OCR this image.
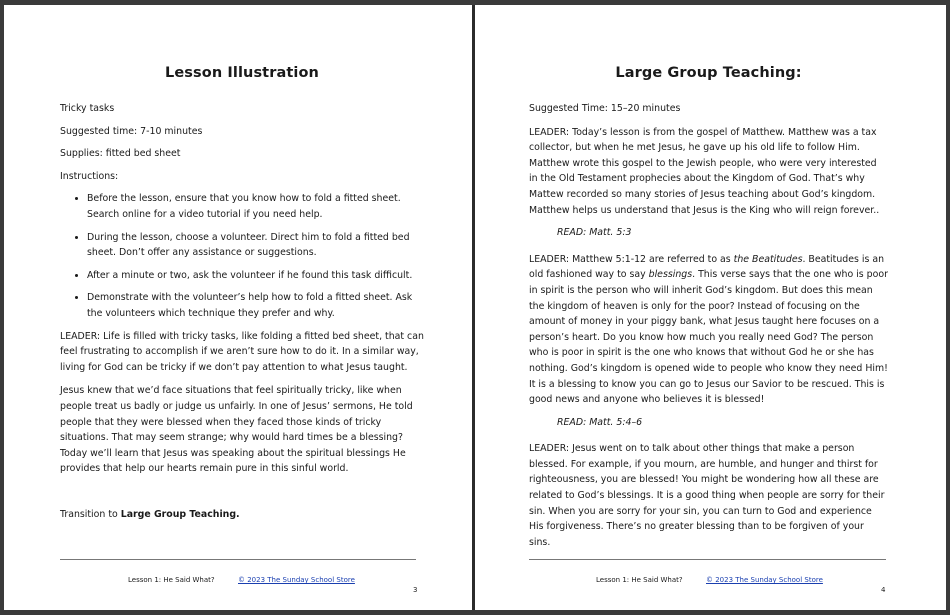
Lesson Illustration

Tricky tasks

Suggested time: 7-10 minutes

Supplies: fitted bed sheet

Instructions:

• Before the lesson, ensure that you know how to fold a fitted sheet. Search online for a video tutorial if you need help.
• During the lesson, choose a volunteer. Direct him to fold a fitted bed sheet. Don’t offer any assistance or suggestions.
• After a minute or two, ask the volunteer if he found this task difficult.
• Demonstrate with the volunteer’s help how to fold a fitted sheet. Ask the volunteers which technique they prefer and why.

LEADER: Life is filled with tricky tasks, like folding a fitted bed sheet, that can feel frustrating to accomplish if we aren’t sure how to do it. In a similar way, living for God can be tricky if we don’t pay attention to what Jesus taught.

Jesus knew that we’d face situations that feel spiritually tricky, like when people treat us badly or judge us unfairly. In one of Jesus’ sermons, He told people that they were blessed when they faced those kinds of tricky situations. That may seem strange; why would hard times be a blessing? Today we’ll learn that Jesus was speaking about the spiritual blessings He provides that help our hearts remain pure in this sinful world.

Transition to Large Group Teaching.

Lesson 1: He Said What?	© 2023 The Sunday School Store
3
Large Group Teaching:

Suggested Time: 15–20 minutes

LEADER: Today’s lesson is from the gospel of Matthew. Matthew was a tax collector, but when he met Jesus, he gave up his old life to follow Him. Matthew wrote this gospel to the Jewish people, who were very interested in the Old Testament prophecies about the Kingdom of God. That’s why Mattew recorded so many stories of Jesus teaching about God’s kingdom. Matthew helps us understand that Jesus is the King who will reign forever..

READ: Matt. 5:3

LEADER: Matthew 5:1-12 are referred to as the Beatitudes. Beatitudes is an old fashioned way to say blessings. This verse says that the one who is poor in spirit is the person who will inherit God’s kingdom. But does this mean the kingdom of heaven is only for the poor? Instead of focusing on the amount of money in your piggy bank, what Jesus taught here focuses on a person’s heart. Do you know how much you really need God? The person who is poor in spirit is the one who knows that without God he or she has nothing. God’s kingdom is opened wide to people who know they need Him! It is a blessing to know you can go to Jesus our Savior to be rescued. This is good news and anyone who believes it is blessed!

READ: Matt. 5:4–6

LEADER: Jesus went on to talk about other things that make a person blessed. For example, if you mourn, are humble, and hunger and thirst for righteousness, you are blessed! You might be wondering how all these are related to God’s blessings. It is a good thing when people are sorry for their sin. When you are sorry for your sin, you can turn to God and experience His forgiveness. There’s no greater blessing than to be forgiven of your sins.

Lesson 1: He Said What?	© 2023 The Sunday School Store
4
